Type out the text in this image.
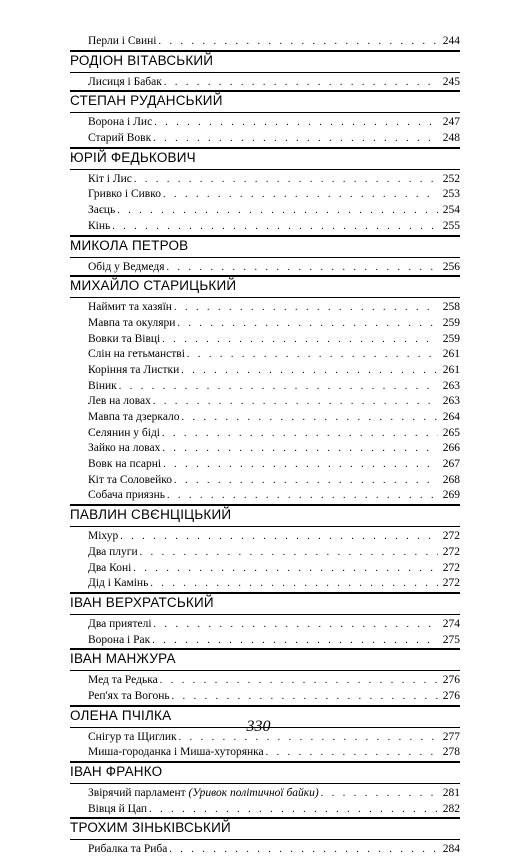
Перли і Свині . . .	244
РОДІОН ВІТАВСЬКИЙ
Лисиця і Бабак . . .	245
СТЕПАН РУДАНСЬКИЙ
Ворона і Лис . . .	247
Старий Вовк . . .	248
ЮРІЙ ФЕДЬКОВИЧ
Кіт і Лис . . .	252
Гривко і Сивко . . .	253
Заєць . . .	254
Кінь . . .	255
МИКОЛА ПЕТРОВ
Обід у Ведмедя . . .	256
МИХАЙЛО СТАРИЦЬКИЙ
Наймит та хазяїн . . .	258
Мавпа та окуляри . . .	259
Вовки та Вівці . . .	259
Слін на гетьманстві . . .	261
Коріння та Листки . . .	261
Віник . . .	263
Лев на ловах . . .	263
Мавпа та дзеркало . . .	264
Селянин у біді . . .	265
Зайко на ловах . . .	266
Вовк на псарні . . .	267
Кіт та Соловейко . . .	268
Собача приязнь . . .	269
ПАВЛИН СВЄНЦІЦЬКИЙ
Міхур . . .	272
Два плуги . . .	272
Два Коні . . .	272
Дід і Камінь . . .	272
ІВАН ВЕРХРАТСЬКИЙ
Два приятелі . . .	274
Ворона і Рак . . .	275
ІВАН МАНЖУРА
Мед та Редька . . .	276
Реп'ях та Вогонь . . .	276
ОЛЕНА ПЧІЛКА
Снігур та Щиглик . . .	277
Миша-городанка і Миша-хуторянка . . .	278
ІВАН ФРАНКО
Звірячий парламент (Уривок політичної байки) . . .	281
Вівця й Цап . . .	282
ТРОХИМ ЗІНЬКІВСЬКИЙ
Рибалка та Риба . . .	284
330
